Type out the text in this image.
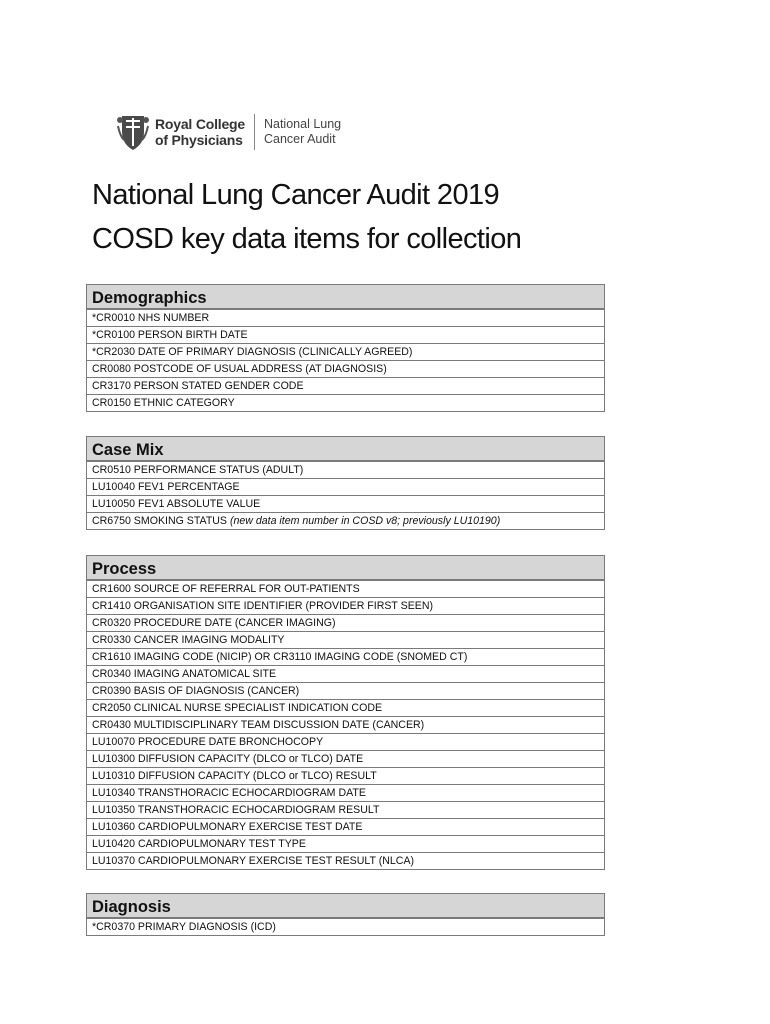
Royal College
of Physicians
National Lung
Cancer Audit
National Lung Cancer Audit 2019
COSD key data items for collection
Demographics
*CR0010 NHS NUMBER
*CR0100 PERSON BIRTH DATE
*CR2030 DATE OF PRIMARY DIAGNOSIS (CLINICALLY AGREED)
CR0080 POSTCODE OF USUAL ADDRESS (AT DIAGNOSIS)
CR3170 PERSON STATED GENDER CODE
CR0150 ETHNIC CATEGORY
Case Mix
CR0510 PERFORMANCE STATUS (ADULT)
LU10040 FEV1 PERCENTAGE
LU10050 FEV1 ABSOLUTE VALUE
CR6750 SMOKING STATUS (new data item number in COSD v8; previously LU10190)
Process
CR1600 SOURCE OF REFERRAL FOR OUT-PATIENTS
CR1410 ORGANISATION SITE IDENTIFIER (PROVIDER FIRST SEEN)
CR0320 PROCEDURE DATE (CANCER IMAGING)
CR0330 CANCER IMAGING MODALITY
CR1610 IMAGING CODE (NICIP) OR CR3110 IMAGING CODE (SNOMED CT)
CR0340 IMAGING ANATOMICAL SITE
CR0390 BASIS OF DIAGNOSIS (CANCER)
CR2050 CLINICAL NURSE SPECIALIST INDICATION CODE
CR0430 MULTIDISCIPLINARY TEAM DISCUSSION DATE (CANCER)
LU10070 PROCEDURE DATE BRONCHOCOPY
LU10300 DIFFUSION CAPACITY (DLCO or TLCO) DATE
LU10310 DIFFUSION CAPACITY (DLCO or TLCO) RESULT
LU10340 TRANSTHORACIC ECHOCARDIOGRAM DATE
LU10350 TRANSTHORACIC ECHOCARDIOGRAM RESULT
LU10360 CARDIOPULMONARY EXERCISE TEST DATE
LU10420 CARDIOPULMONARY TEST TYPE
LU10370 CARDIOPULMONARY EXERCISE TEST RESULT (NLCA)
Diagnosis
*CR0370 PRIMARY DIAGNOSIS (ICD)
